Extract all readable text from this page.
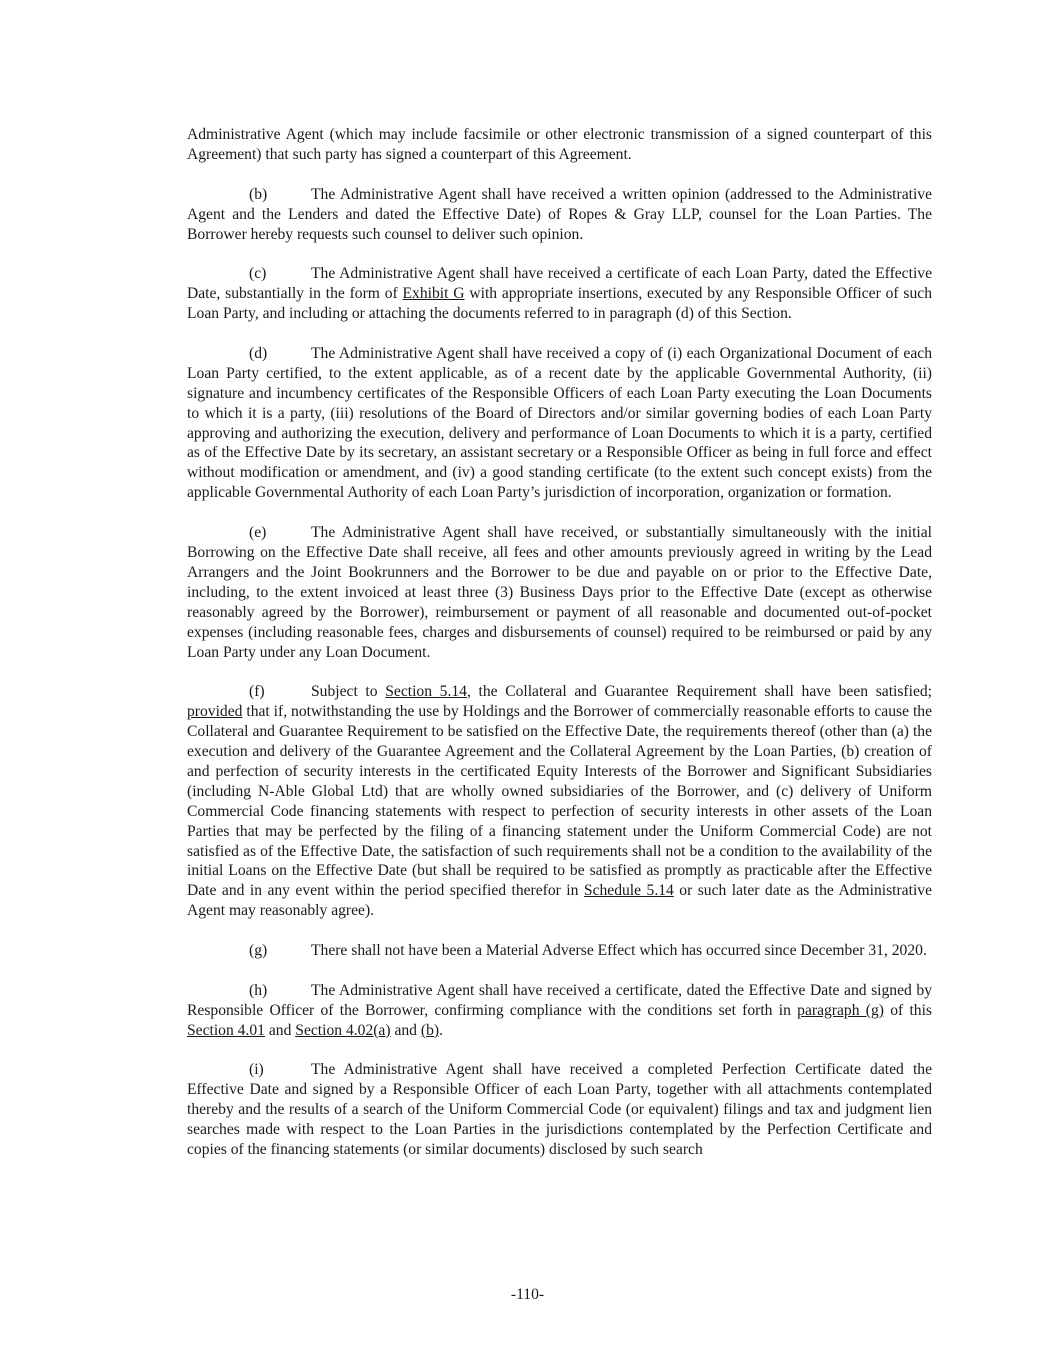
Administrative Agent (which may include facsimile or other electronic transmission of a signed counterpart of this Agreement) that such party has signed a counterpart of this Agreement.

(b)	The Administrative Agent shall have received a written opinion (addressed to the Administrative Agent and the Lenders and dated the Effective Date) of Ropes & Gray LLP, counsel for the Loan Parties. The Borrower hereby requests such counsel to deliver such opinion.

(c)	The Administrative Agent shall have received a certificate of each Loan Party, dated the Effective Date, substantially in the form of Exhibit G with appropriate insertions, executed by any Responsible Officer of such Loan Party, and including or attaching the documents referred to in paragraph (d) of this Section.

(d)	The Administrative Agent shall have received a copy of (i) each Organizational Document of each Loan Party certified, to the extent applicable, as of a recent date by the applicable Governmental Authority, (ii) signature and incumbency certificates of the Responsible Officers of each Loan Party executing the Loan Documents to which it is a party, (iii) resolutions of the Board of Directors and/or similar governing bodies of each Loan Party approving and authorizing the execution, delivery and performance of Loan Documents to which it is a party, certified as of the Effective Date by its secretary, an assistant secretary or a Responsible Officer as being in full force and effect without modification or amendment, and (iv) a good standing certificate (to the extent such concept exists) from the applicable Governmental Authority of each Loan Party’s jurisdiction of incorporation, organization or formation.

(e)	The Administrative Agent shall have received, or substantially simultaneously with the initial Borrowing on the Effective Date shall receive, all fees and other amounts previously agreed in writing by the Lead Arrangers and the Joint Bookrunners and the Borrower to be due and payable on or prior to the Effective Date, including, to the extent invoiced at least three (3) Business Days prior to the Effective Date (except as otherwise reasonably agreed by the Borrower), reimbursement or payment of all reasonable and documented out-of-pocket expenses (including reasonable fees, charges and disbursements of counsel) required to be reimbursed or paid by any Loan Party under any Loan Document.

(f)	Subject to Section 5.14, the Collateral and Guarantee Requirement shall have been satisfied; provided that if, notwithstanding the use by Holdings and the Borrower of commercially reasonable efforts to cause the Collateral and Guarantee Requirement to be satisfied on the Effective Date, the requirements thereof (other than (a) the execution and delivery of the Guarantee Agreement and the Collateral Agreement by the Loan Parties, (b) creation of and perfection of security interests in the certificated Equity Interests of the Borrower and Significant Subsidiaries (including N-Able Global Ltd) that are wholly owned subsidiaries of the Borrower, and (c) delivery of Uniform Commercial Code financing statements with respect to perfection of security interests in other assets of the Loan Parties that may be perfected by the filing of a financing statement under the Uniform Commercial Code) are not satisfied as of the Effective Date, the satisfaction of such requirements shall not be a condition to the availability of the initial Loans on the Effective Date (but shall be required to be satisfied as promptly as practicable after the Effective Date and in any event within the period specified therefor in Schedule 5.14 or such later date as the Administrative Agent may reasonably agree).

(g)	There shall not have been a Material Adverse Effect which has occurred since December 31, 2020.

(h)	The Administrative Agent shall have received a certificate, dated the Effective Date and signed by Responsible Officer of the Borrower, confirming compliance with the conditions set forth in paragraph (g) of this Section 4.01 and Section 4.02(a) and (b).

(i)	The Administrative Agent shall have received a completed Perfection Certificate dated the Effective Date and signed by a Responsible Officer of each Loan Party, together with all attachments contemplated thereby and the results of a search of the Uniform Commercial Code (or equivalent) filings and tax and judgment lien searches made with respect to the Loan Parties in the jurisdictions contemplated by the Perfection Certificate and copies of the financing statements (or similar documents) disclosed by such search

-110-
